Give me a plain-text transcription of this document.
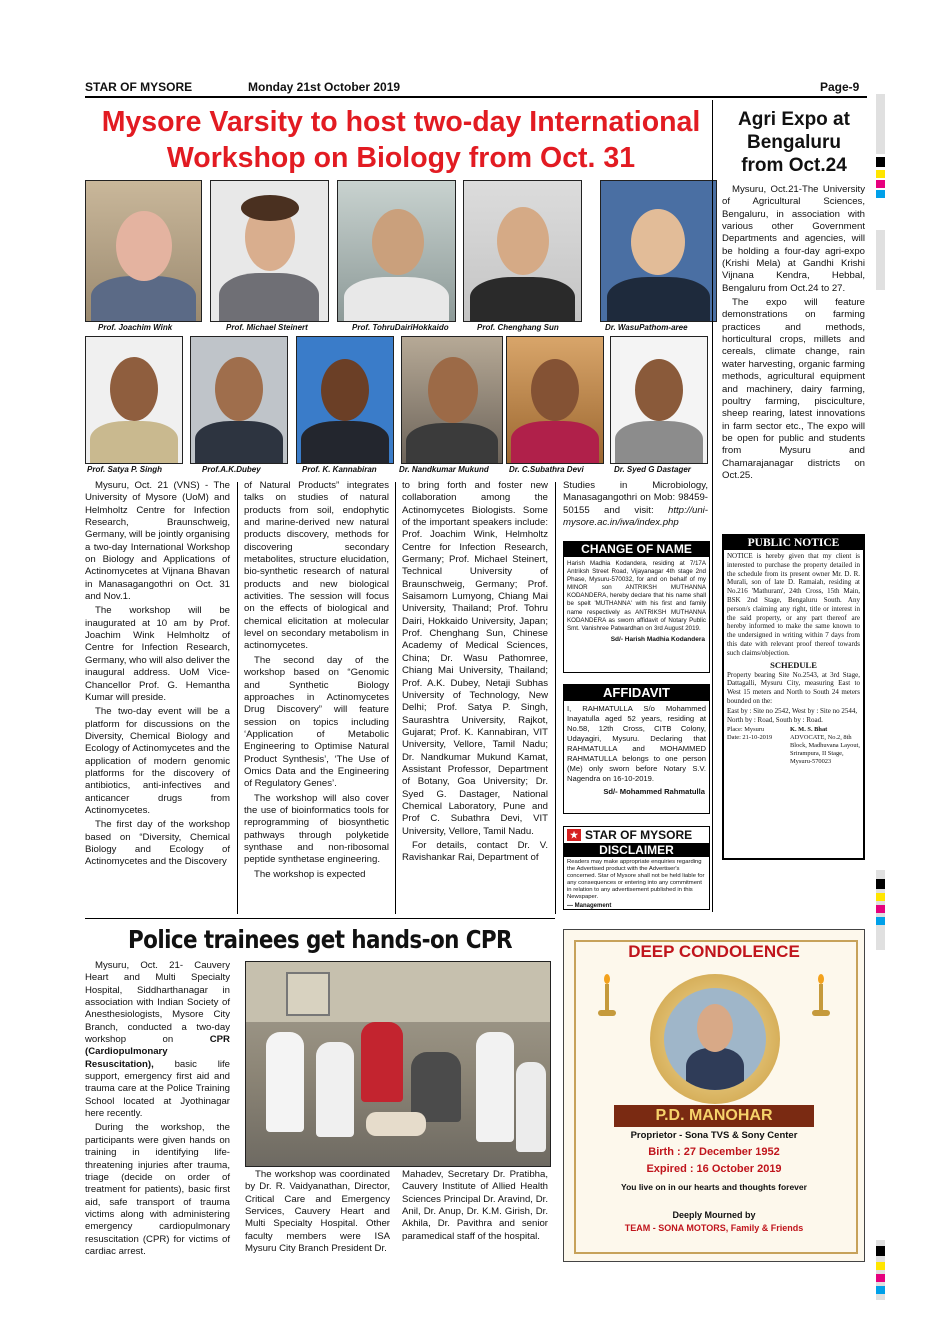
STAR OF MYSORE	Monday 21st October 2019	Page-9
Mysore Varsity to host two-day International
Workshop on Biology from Oct. 31
Prof. Joachim Wink	Prof. Michael Steinert	Prof. TohruDairiHokkaido	Prof. Chenghang Sun	Dr. WasuPathom-aree
Prof. Satya P. Singh	Prof.A.K.Dubey	Prof. K. Kannabiran	Dr. Nandkumar Mukund	Dr. C.Subathra Devi	Dr. Syed G Dastager

Mysuru, Oct. 21 (VNS) - The University of Mysore (UoM) and Helmholtz Centre for Infection Research, Braunschweig, Germany, will be jointly organising a two-day International Workshop on Biology and Applications of Actinomycetes at Vijnana Bhavan in Manasagangothri on Oct. 31 and Nov.1.

The workshop will be inaugurated at 10 am by Prof. Joachim Wink Helmholtz of Centre for Infection Research, Germany, who will also deliver the inaugural address. UoM Vice-Chancellor Prof. G. Hemantha Kumar will preside.

The two-day event will be a platform for discussions on the Diversity, Chemical Biology and Ecology of Actinomycetes and the application of modern genomic platforms for the discovery of antibiotics, anti-infectives and anticancer drugs from Actinomycetes.

The first day of the workshop based on “Diversity, Chemical Biology and Ecology of Actinomycetes and the Discovery

of Natural Products” integrates talks on studies of natural products from soil, endophytic and marine-derived new natural products discovery, methods for discovering secondary metabolites, structure elucidation, bio-synthetic research of natural products and new biological activities. The session will focus on the effects of biological and chemical elicitation at molecular level on secondary metabolism in actinomycetes.

The second day of the workshop based on “Genomic and Synthetic Biology approaches in Actinomycetes Drug Discovery” will feature session on topics including ‘Application of Metabolic Engineering to Optimise Natural Product Synthesis’, ‘The Use of Omics Data and the Engineering of Regulatory Genes’.

The workshop will also cover the use of bioinformatics tools for reprogramming of biosynthetic pathways through polyketide synthase and non-ribosomal peptide synthetase engineering.

The workshop is expected

to bring forth and foster new collaboration among the Actinomycetes Biologists. Some of the important speakers include: Prof. Joachim Wink, Helmholtz Centre for Infection Research, Germany; Prof. Michael Steinert, Technical University of Braunschweig, Germany; Prof. Saisamorn Lumyong, Chiang Mai University, Thailand; Prof. Tohru Dairi, Hokkaido University, Japan; Prof. Chenghang Sun, Chinese Academy of Medical Sciences, China; Dr. Wasu Pathomree, Chiang Mai University, Thailand; Prof. A.K. Dubey, Netaji Subhas University of Technology, New Delhi; Prof. Satya P. Singh, Saurashtra University, Rajkot, Gujarat; Prof. K. Kannabiran, VIT University, Vellore, Tamil Nadu; Dr. Nandkumar Mukund Kamat, Assistant Professor, Department of Botany, Goa University; Dr. Syed G. Dastager, National Chemical Laboratory, Pune and Prof C. Subathra Devi, VIT University, Vellore, Tamil Nadu.

For details, contact Dr. V. Ravishankar Rai, Department of

Studies in Microbiology, Manasagangothri on Mob: 98459-50155 and visit: http://uni-mysore.ac.in/iwa/index.php
CHANGE OF NAME
Harish Madhia Kodandera, residing at 7/17A Antriksh Street Road, Vijayanagar 4th stage 2nd Phase, Mysuru-570032, for and on behalf of my MINOR son ANTRIKSH MUTHANNA KODANDERA, hereby declare that his name shall be spelt 'MUTHANNA' with his first and family name respectively as ANTRIKSH MUTHANNA KODANDERA as sworn affidavit of Notary Public Smt. Vanishree Patwardhan on 3rd August 2019.
Sd/- Harish Madhia Kodandera
AFFIDAVIT
I, RAHMATULLA S/o Mohammed Inayatulla aged 52 years, residing at No.58, 12th Cross, CITB Colony, Udayagiri, Mysuru. Declaring that RAHMATULLA and MOHAMMED RAHMATULLA belongs to one person (Me) only sworn before Notary S.V. Nagendra on 16-10-2019.
Sd/- Mohammed Rahmatulla
★ STAR OF MYSORE
DISCLAIMER
Readers may make appropriate enquiries regarding the Advertised product with the Advertiser's concerned. Star of Mysore shall not be held liable for any consequences or entering into any commitment in relation to any advertisement published in this Newspaper.
— Management
Agri Expo at
Bengaluru
from Oct.24

Mysuru, Oct.21-The University of Agricultural Sciences, Bengaluru, in association with various other Government Departments and agencies, will be holding a four-day agri-expo (Krishi Mela) at Gandhi Krishi Vijnana Kendra, Hebbal, Bengaluru from Oct.24 to 27.

The expo will feature demonstrations on farming practices and methods, horticultural crops, millets and cereals, climate change, rain water harvesting, organic farming methods, agricultural equipment and machinery, dairy farming, poultry farming, pisciculture, sheep rearing, latest innovations in farm sector etc., The expo will be open for public and students from Mysuru and Chamarajanagar districts on Oct.25.

PUBLIC NOTICE
NOTICE is hereby given that my client is interested to purchase the property detailed in the schedule from its present owner Mr. D. R. Murali, son of late D. Ramaiah, residing at No.216 'Mathuram', 24th Cross, 15th Main, BSK 2nd Stage, Bengaluru South. Any person/s claiming any right, title or interest in the said property, or any part thereof are hereby informed to make the same known to the undersigned in writing within 7 days from this date with relevant proof thereof towards such claims/objection.
SCHEDULE
Property bearing Site No.2543, at 3rd Stage, Dattagalli, Mysuru City, measuring East to West 15 meters and North to South 24 meters bounded on the:
East by : Site no 2542, West by : Site no 2544, North by : Road, South by : Road.
Place: Mysuru
Date: 21-10-2019
K. M. S. Bhat
ADVOCATE, No.2, 8th Block, Madhuvana Layout, Srirampura, II Stage, Mysuru-570023
Police trainees get hands-on CPR

Mysuru, Oct. 21- Cauvery Heart and Multi Specialty Hospital, Siddharthanagar in association with Indian Society of Anesthesiologists, Mysore City Branch, conducted a two-day workshop on	CPR (Cardiopulmonary Resuscitation), basic life support, emergency first aid and trauma care at the Police Training School located at Jyothinagar here recently.

During the workshop, the participants were given hands on training in identifying life-threatening injuries after trauma, triage (decide on order of treatment for patients), basic first aid, safe transport of trauma victims along with administering emergency cardiopulmonary resuscitation (CPR) for victims of cardiac arrest.

The workshop was coordinated by Dr. R. Vaidyanathan, Director, Critical Care and Emergency Services, Cauvery Heart and Multi Specialty Hospital. Other faculty members were ISA Mysuru City Branch President Dr.

Mahadev, Secretary Dr. Pratibha, Cauvery Institute of Allied Health Sciences Principal Dr. Aravind, Dr. Anil, Dr. Anup, Dr. K.M. Girish, Dr. Akhila, Dr. Pavithra and senior paramedical staff of the hospital.

DEEP CONDOLENCE
P.D. MANOHAR
Proprietor - Sona TVS & Sony Center
Birth : 27 December 1952
Expired : 16 October 2019
You live on in our hearts and thoughts forever
Deeply Mourned by
TEAM - SONA MOTORS, Family & Friends
